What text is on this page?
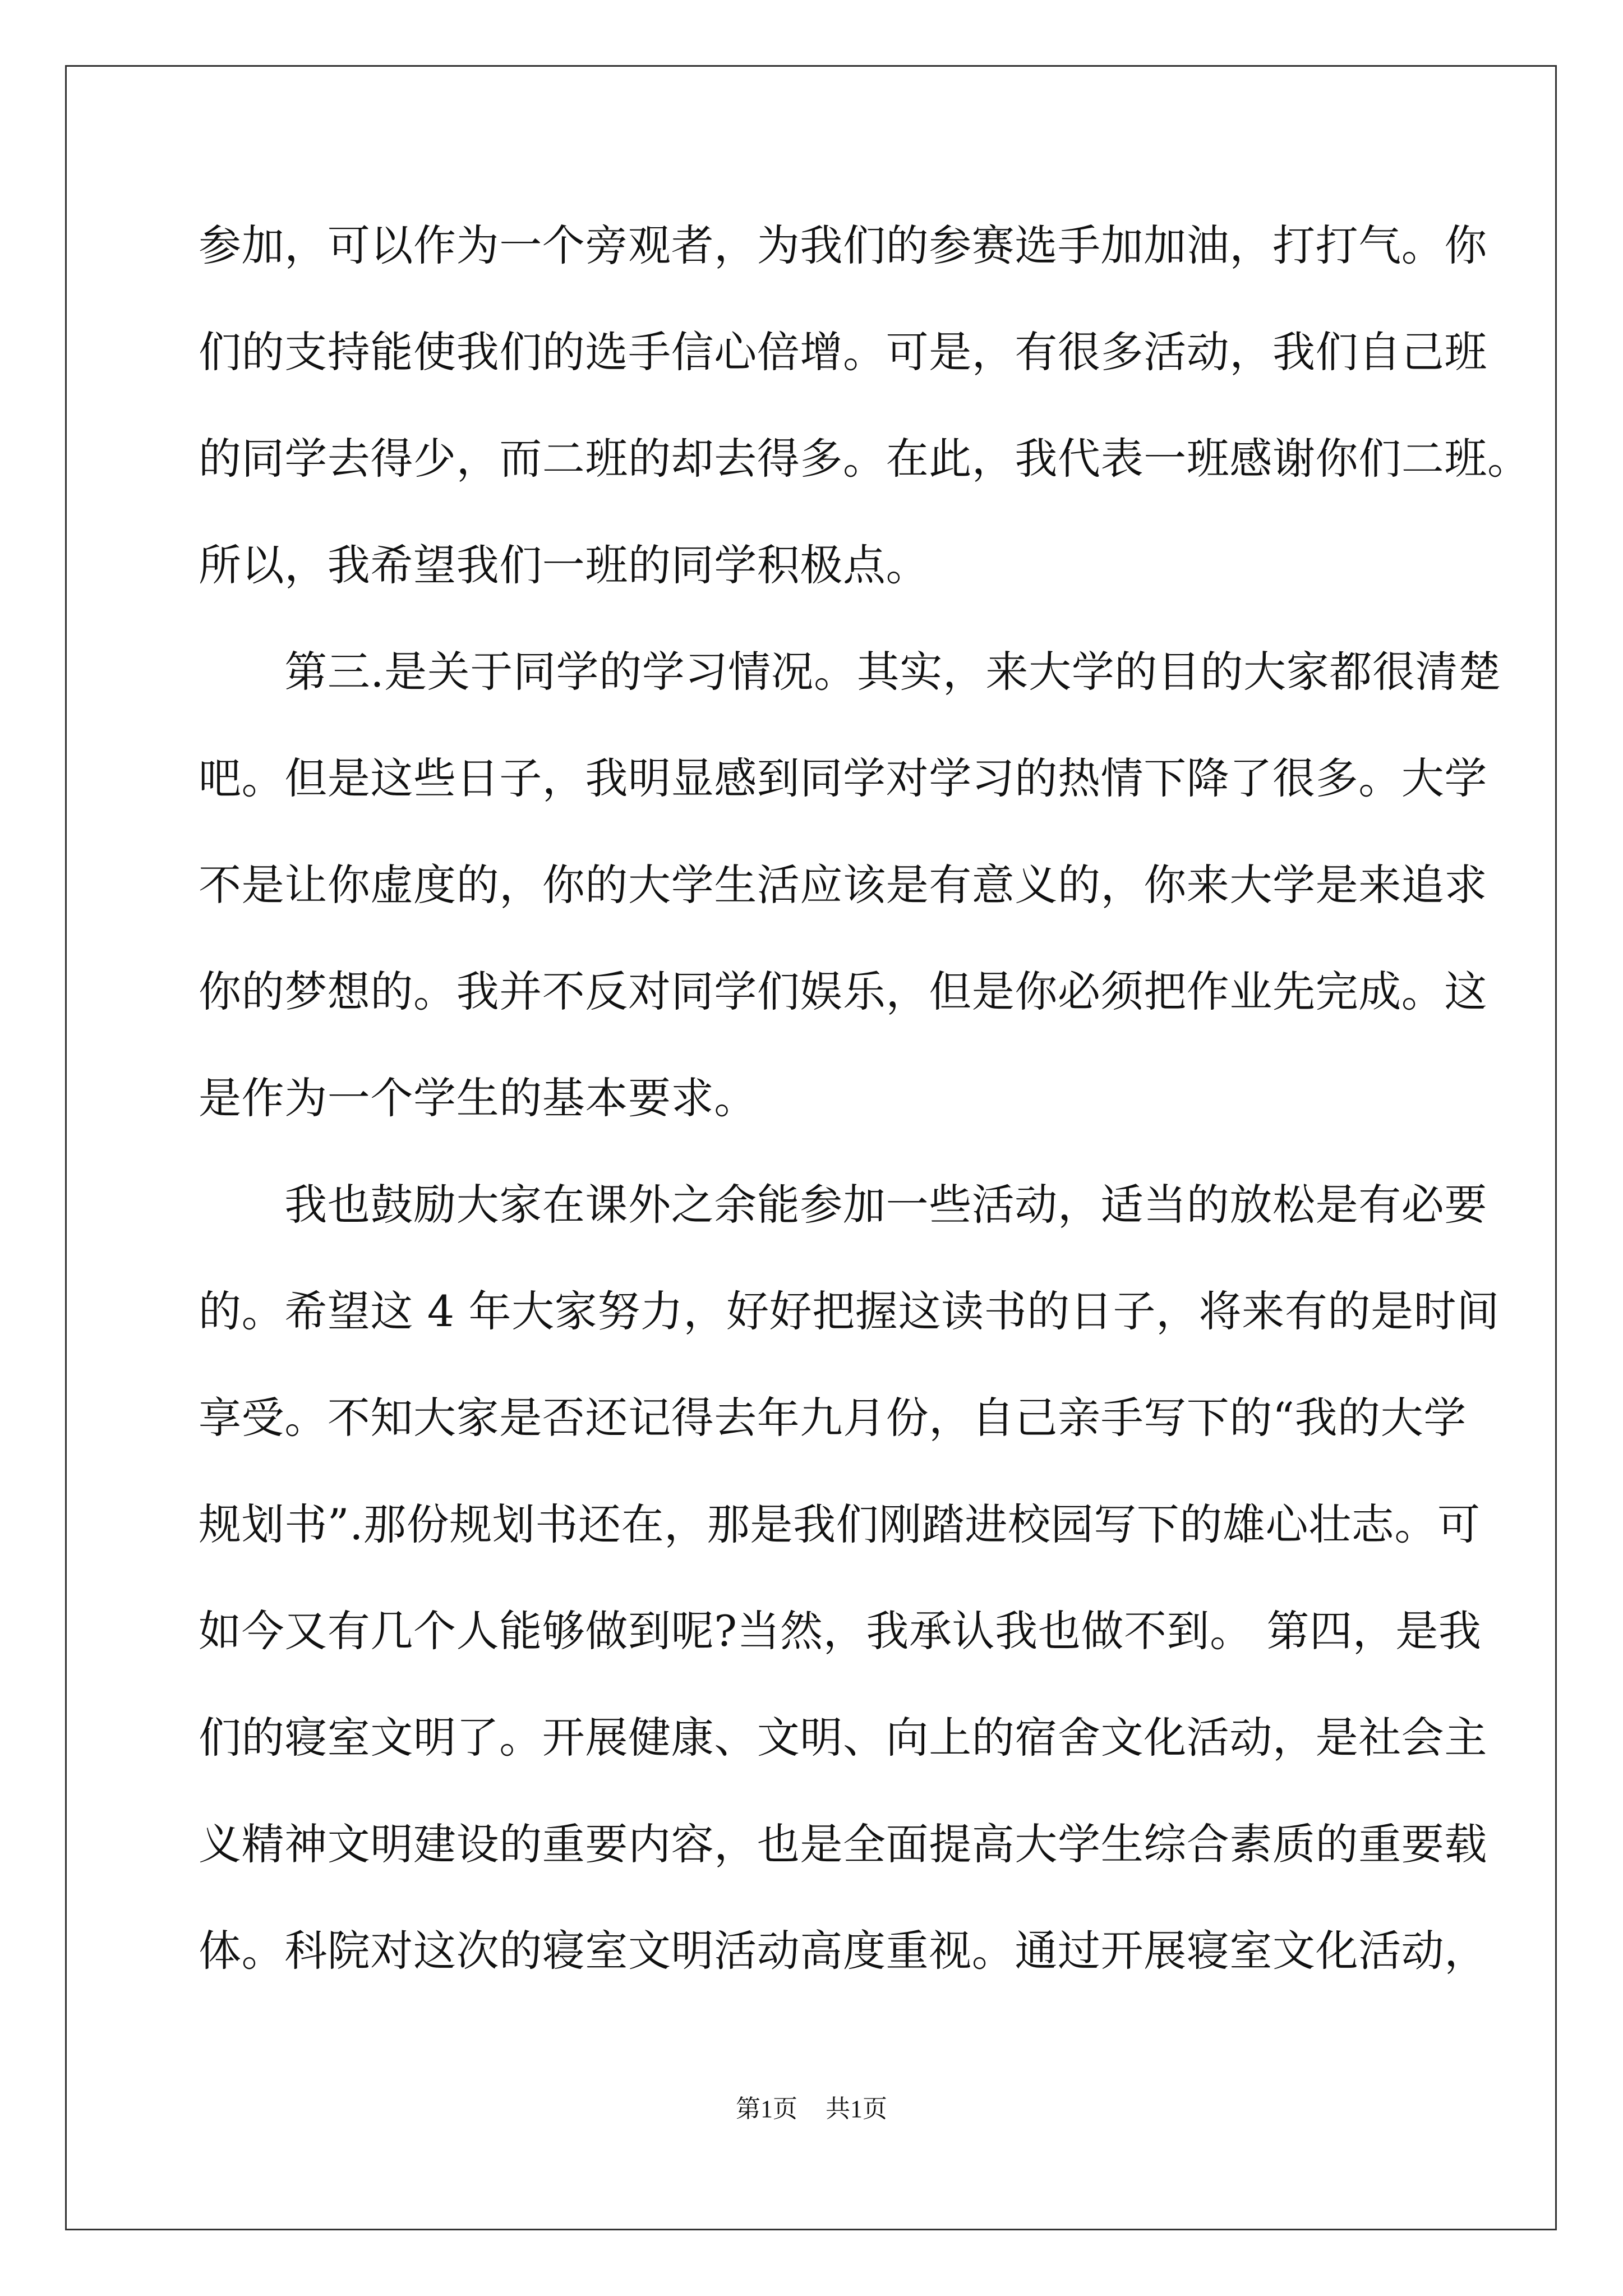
参加，可以作为一个旁观者，为我们的参赛选手加加油，打打气。你
们的支持能使我们的选手信心倍增。可是，有很多活动，我们自己班
的同学去得少，而二班的却去得多。在此，我代表一班感谢你们二班。
所以，我希望我们一班的同学积极点。
　　第三.是关于同学的学习情况。其实，来大学的目的大家都很清楚
吧。但是这些日子，我明显感到同学对学习的热情下降了很多。大学
不是让你虚度的，你的大学生活应该是有意义的，你来大学是来追求
你的梦想的。我并不反对同学们娱乐，但是你必须把作业先完成。这
是作为一个学生的基本要求。
　　我也鼓励大家在课外之余能参加一些活动，适当的放松是有必要
的。希望这 4 年大家努力，好好把握这读书的日子，将来有的是时间
享受。不知大家是否还记得去年九月份，自己亲手写下的“我的大学
规划书”.那份规划书还在，那是我们刚踏进校园写下的雄心壮志。可
如今又有几个人能够做到呢?当然，我承认我也做不到。 第四，是我
们的寝室文明了。开展健康、文明、向上的宿舍文化活动，是社会主
义精神文明建设的重要内容，也是全面提高大学生综合素质的重要载
体。科院对这次的寝室文明活动高度重视。通过开展寝室文化活动，
第1页 共1页
